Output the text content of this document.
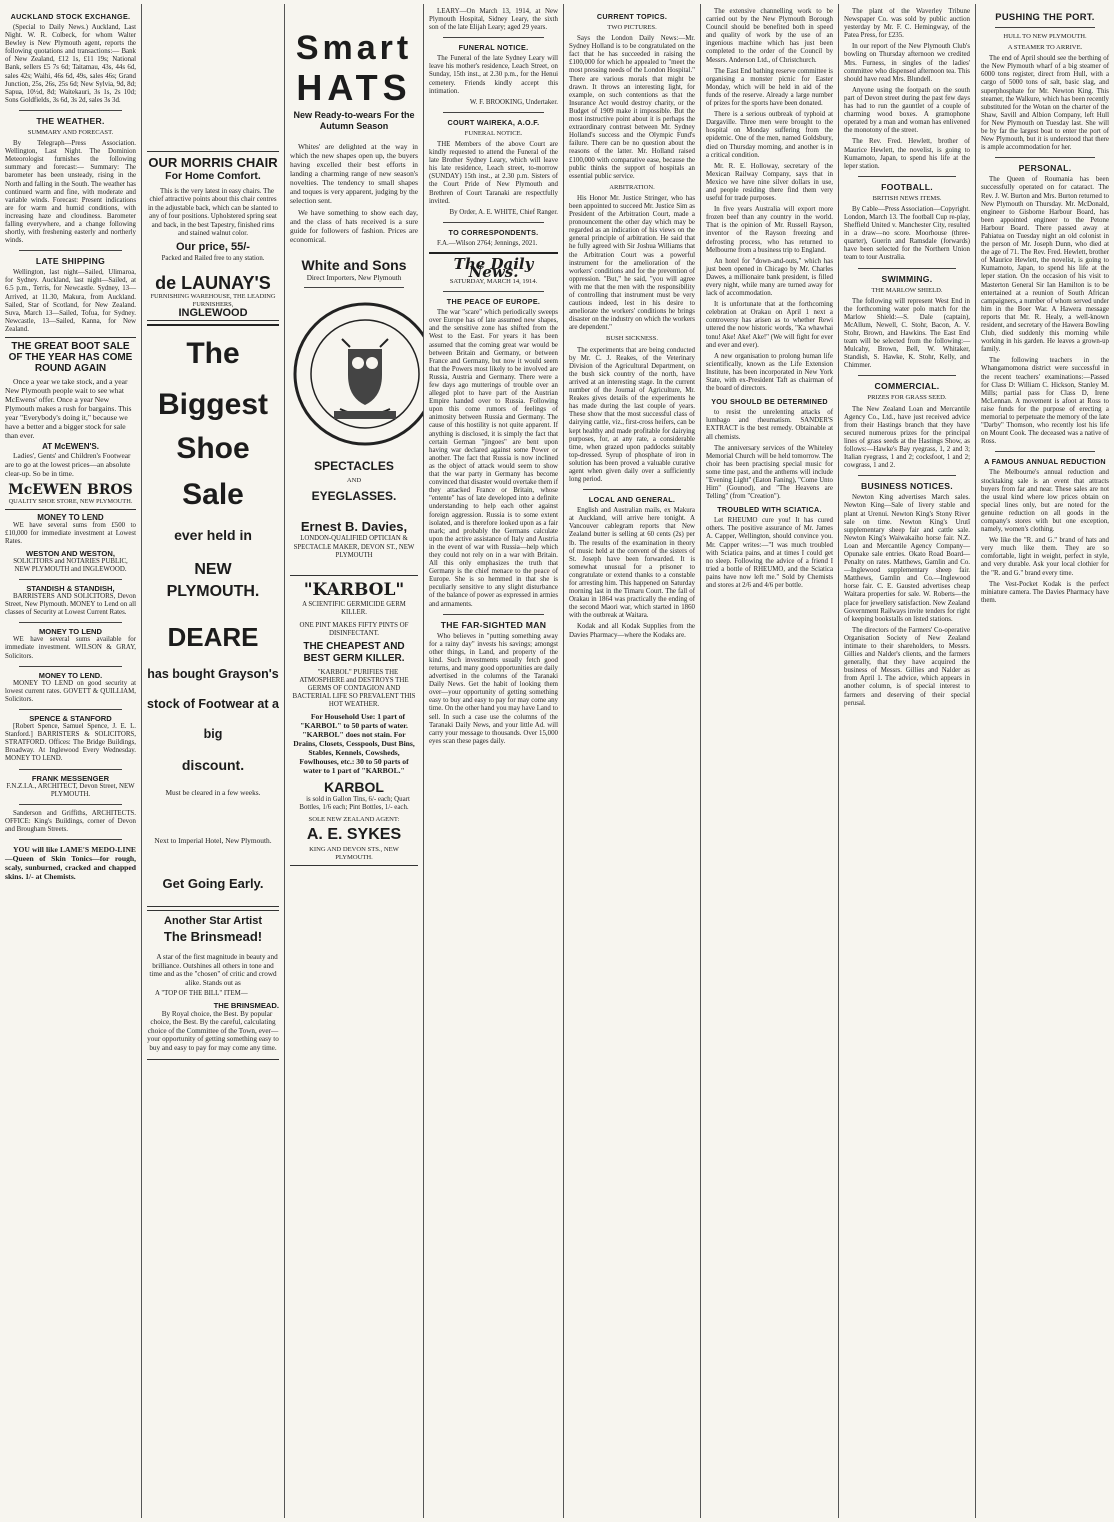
AUCKLAND STOCK EXCHANGE.

(Special to Daily News.) Auckland, Last Night. W. R. Colbeck, for whom Walter Bewley is New Plymouth agent, reports the following quotations and transactions:— Bank of New Zealand, £12 1s, £11 19s; National Bank, sellers £5 7s 6d; Taitamau, 43s, 44s 6d, sales 42s; Waihi, 46s 6d, 49s, sales 46s; Grand Junction, 25s, 26s, 25s 6d; New Sylvia, 9d, 8d; Sapua, 10½d, 8d; Waitekauri, 3s 1s, 2s 10d; Sons Goldfields, 3s 6d, 3s 2d, sales 3s 3d.

THE WEATHER.
SUMMARY AND FORECAST.

By Telegraph—Press Association. Wellington, Last Night. The Dominion Meteorologist furnishes the following summary and forecast:— Summary: The barometer has been unsteady, rising in the North and falling in the South. The weather has continued warm and fine, with moderate and variable winds. Forecast: Present indications are for warm and humid conditions, with increasing haze and cloudiness. Barometer falling everywhere, and a change following shortly, with freshening easterly and northerly winds.

LATE SHIPPING

Wellington, last night—Sailed, Ulimaroa, for Sydney. Auckland, last night—Sailed, at 6.5 p.m., Terris, for Newcastle. Sydney, 13—Arrived, at 11.30, Makura, from Auckland. Sailed, Star of Scotland, for New Zealand. Suva, March 13—Sailed, Tofua, for Sydney. Newcastle, 13—Sailed, Kanna, for New Zealand.

THE GREAT BOOT SALE OF THE YEAR HAS COME ROUND AGAIN

Once a year we take stock, and a year New Plymouth people wait to see what McEwens' offer. Once a year New Plymouth makes a rush for bargains. This year "Everybody's doing it," because we have a better and a bigger stock for sale than ever.

AT McEWEN'S.

Ladies', Gents' and Children's Footwear are to go at the lowest prices—an absolute clear-up. So be in time.

McEWEN BROS
QUALITY SHOE STORE, NEW PLYMOUTH.
MONEY TO LEND

WE have several sums from £500 to £10,000 for immediate investment at Lowest Rates.

WESTON AND WESTON,

SOLICITORS and NOTARIES PUBLIC, NEW PLYMOUTH and INGLEWOOD.

STANDISH & STANDISH,

BARRISTERS AND SOLICITORS, Devon Street, New Plymouth. MONEY to Lend on all classes of Security at Lowest Current Rates.

MONEY TO LEND

WE have several sums available for immediate investment. WILSON & GRAY, Solicitors.

MONEY TO LEND.

MONEY TO LEND on good security at lowest current rates. GOVETT & QUILLIAM, Solicitors.

SPENCE & STANFORD

[Robert Spence, Samuel Spence, J. E. L. Stanford.] BARRISTERS & SOLICITORS, STRATFORD. Offices: The Bridge Buildings, Broadway. At Inglewood Every Wednesday. MONEY TO LEND.

FRANK MESSENGER

F.N.Z.I.A., ARCHITECT, Devon Street, NEW PLYMOUTH.

Sanderson and Griffiths, ARCHITECTS. OFFICE: King's Buildings, corner of Devon and Brougham Streets.

YOU will like LAME'S MEDO-LINE—Queen of Skin Tonics—for rough, scaly, sunburned, cracked and chapped skins. 1/- at Chemists.

OUR MORRIS CHAIR
For Home Comfort.

This is the very latest in easy chairs. The chief attractive points about this chair centres in the adjustable back, which can be slanted to any of four positions. Upholstered spring seat and back, in the best Tapestry, finished rims and stained walnut color.

Our price, 55/-
Packed and Railed free to any station.
de LAUNAY'S
FURNISHING WAREHOUSE, THE LEADING FURNISHERS,
INGLEWOOD
The
Biggest
Shoe
Sale
ever held in
NEW PLYMOUTH.
DEARE
has bought Grayson's stock of Footwear at a big
discount.
Must be cleared in a few weeks.
Next to Imperial Hotel, New Plymouth.
Get Going Early.
Another Star Artist
The Brinsmead!

A star of the first magnitude in beauty and brilliance. Outshines all others in tone and time and as the "chosen" of critic and crowd alike. Stands out as

A "TOP OF THE BILL" ITEM—

THE BRINSMEAD.

By Royal choice, the Best. By popular choice, the Best. By the careful, calculating choice of the Committee of the Town, ever—your opportunity of getting something easy to buy and easy to pay for may come any time.

Smart
HATS
New Ready-to-wears For the Autumn Season

Whites' are delighted at the way in which the new shapes open up, the buyers having excelled their best efforts in landing a charming range of new season's novelties. The tendency to small shapes and toques is very apparent, judging by the selection sent.

We have something to show each day, and the class of hats received is a sure guide for followers of fashion. Prices are economical.

White and Sons
Direct Importers, New Plymouth
SPECTACLES
AND
EYEGLASSES.
Ernest B. Davies,
LONDON-QUALIFIED OPTICIAN & SPECTACLE MAKER, DEVON ST., NEW PLYMOUTH
"KARBOL"
A SCIENTIFIC GERMICIDE GERM KILLER.

ONE PINT MAKES FIFTY PINTS OF DISINFECTANT.

THE CHEAPEST AND BEST GERM KILLER.

"KARBOL" PURIFIES THE ATMOSPHERE and DESTROYS THE GERMS OF CONTAGION AND BACTERIAL LIFE SO PREVALENT THIS HOT WEATHER.

For Household Use: 1 part of "KARBOL" to 50 parts of water. "KARBOL" does not stain. For Drains, Closets, Cesspools, Dust Bins, Stables, Kennels, Cowsheds, Fowlhouses, etc.: 30 to 50 parts of water to 1 part of "KARBOL."

KARBOL

is sold in Gallon Tins, 6/- each; Quart Bottles, 1/6 each; Pint Bottles, 1/- each.

SOLE NEW ZEALAND AGENT:
A. E. SYKES
KING AND DEVON STS., NEW PLYMOUTH.

LEARY—On March 13, 1914, at New Plymouth Hospital, Sidney Leary, the sixth son of the late Elijah Leary; aged 29 years.

FUNERAL NOTICE.

The Funeral of the late Sydney Leary will leave his mother's residence, Leach Street, on Sunday, 15th inst., at 2.30 p.m., for the Henui cemetery. Friends kindly accept this intimation.

W. F. BROOKING, Undertaker.
COURT WAIREKA, A.O.F.
FUNERAL NOTICE.

THE Members of the above Court are kindly requested to attend the Funeral of the late Brother Sydney Leary, which will leave his late residence, Leach street, to-morrow (SUNDAY) 15th inst., at 2.30 p.m. Sisters of the Court Pride of New Plymouth and Brethren of Court Taranaki are respectfully invited.

By Order, A. E. WHITE, Chief Ranger.
TO CORRESPONDENTS.

F.A.—Wilson 2764; Jennings, 2021.

The Daily News.
SATURDAY, MARCH 14, 1914.
THE PEACE OF EUROPE.

The war "scare" which periodically sweeps over Europe has of late assumed new shapes, and the sensitive zone has shifted from the West to the East. For years it has been assumed that the coming great war would be between Britain and Germany, or between France and Germany, but now it would seem that the Powers most likely to be involved are Russia, Austria and Germany. There were a few days ago mutterings of trouble over an alleged plot to have part of the Austrian Empire handed over to Russia. Following upon this come rumors of feelings of animosity between Russia and Germany. The cause of this hostility is not quite apparent. If anything is disclosed, it is simply the fact that certain German "jingoes" are bent upon having war declared against some Power or another. The fact that Russia is now inclined as the object of attack would seem to show that the war party in Germany has become convinced that disaster would overtake them if they attacked France or Britain, whose "entente" has of late developed into a definite understanding to help each other against foreign aggression. Russia is to some extent isolated, and is therefore looked upon as a fair mark; and probably the Germans calculate upon the active assistance of Italy and Austria in the event of war with Russia—help which they could not rely on in a war with Britain. All this only emphasizes the truth that Germany is the chief menace to the peace of Europe. She is so hemmed in that she is peculiarly sensitive to any slight disturbance of the balance of power as expressed in armies and armaments.

THE FAR-SIGHTED MAN

Who believes in "putting something away for a rainy day" invests his savings; amongst other things, in Land, and property of the kind. Such investments usually fetch good returns, and many good opportunities are daily advertised in the columns of the Taranaki Daily News. Get the habit of looking them over—your opportunity of getting something easy to buy and easy to pay for may come any time. On the other hand you may have Land to sell. In such a case use the columns of the Taranaki Daily News, and your little Ad. will carry your message to thousands. Over 15,000 eyes scan these pages daily.

CURRENT TOPICS.
TWO PICTURES.

Says the London Daily News:—Mr. Sydney Holland is to be congratulated on the fact that he has succeeded in raising the £100,000 for which he appealed to "meet the most pressing needs of the London Hospital." There are various morals that might be drawn. It throws an interesting light, for example, on such contentions as that the Insurance Act would destroy charity, or the Budget of 1909 make it impossible. But the most instructive point about it is perhaps the extraordinary contrast between Mr. Sydney Holland's success and the Olympic Fund's failure. There can be no question about the reasons of the latter. Mr. Holland raised £100,000 with comparative ease, because the public thinks the support of hospitals an essential public service.

ARBITRATION.

His Honor Mr. Justice Stringer, who has been appointed to succeed Mr. Justice Sim as President of the Arbitration Court, made a pronouncement the other day which may be regarded as an indication of his views on the general principle of arbitration. He said that he fully agreed with Sir Joshua Williams that the Arbitration Court was a powerful instrument for the amelioration of the workers' conditions and for the prevention of oppression. "But," he said, "you will agree with me that the men with the responsibility of controlling that instrument must be very cautious indeed, lest in his desire to ameliorate the workers' conditions he brings disaster on the industry on which the workers are dependent."

BUSH SICKNESS.

The experiments that are being conducted by Mr. C. J. Reakes, of the Veterinary Division of the Agricultural Department, on the bush sick country of the north, have arrived at an interesting stage. In the current number of the Journal of Agriculture, Mr. Reakes gives details of the experiments he has made during the last couple of years. These show that the most successful class of dairying cattle, viz., first-cross heifers, can be kept healthy and made profitable for dairying purposes, for, at any rate, a considerable time, when grazed upon paddocks suitably top-dressed. Syrup of phosphate of iron in solution has been proved a valuable curative agent when given daily over a sufficiently long period.

LOCAL AND GENERAL.

English and Australian mails, ex Makura at Auckland, will arrive here tonight. A Vancouver cablegram reports that New Zealand butter is selling at 60 cents (2s) per lb. The results of the examination in theory of music held at the convent of the sisters of St. Joseph have been forwarded. It is somewhat unusual for a prisoner to congratulate or extend thanks to a constable for arresting him. This happened on Saturday morning last in the Timaru Court. The fall of Orakau in 1864 was practically the ending of the second Maori war, which started in 1860 with the outbreak at Waitara.

Kodak and all Kodak Supplies from the Davies Pharmacy—where the Kodaks are.

The extensive channelling work to be carried out by the New Plymouth Borough Council should be benefited both in speed and quality of work by the use of an ingenious machine which has just been completed to the order of the Council by Messrs. Anderson Ltd., of Christchurch.

The East End bathing reserve committee is organising a monster picnic for Easter Monday, which will be held in aid of the funds of the reserve. Already a large number of prizes for the sports have been donated.

There is a serious outbreak of typhoid at Dargaville. Three men were brought to the hospital on Monday suffering from the epidemic. One of the men, named Goldsbury, died on Thursday morning, and another is in a critical condition.

Mr. R. E. Holloway, secretary of the Mexican Railway Company, says that in Mexico we have nine silver dollars in use, and people residing there find them very useful for trade purposes.

In five years Australia will export more frozen beef than any country in the world. That is the opinion of Mr. Russell Rayson, inventor of the Rayson freezing and defrosting process, who has returned to Melbourne from a business trip to England.

An hotel for "down-and-outs," which has just been opened in Chicago by Mr. Charles Dawes, a millionaire bank president, is filled every night, while many are turned away for lack of accommodation.

It is unfortunate that at the forthcoming celebration at Orakau on April 1 next a controversy has arisen as to whether Rewi uttered the now historic words, "Ka whawhai tonu! Ake! Ake! Ake!" (We will fight for ever and ever and ever).

A new organisation to prolong human life scientifically, known as the Life Extension Institute, has been incorporated in New York State, with ex-President Taft as chairman of the board of directors.

YOU SHOULD BE DETERMINED

to resist the unrelenting attacks of lumbago and rheumatism. SANDER'S EXTRACT is the best remedy. Obtainable at all chemists.

The anniversary services of the Whiteley Memorial Church will be held tomorrow. The choir has been practising special music for some time past, and the anthems will include "Evening Light" (Eaton Faning), "Come Unto Him" (Gounod), and "The Heavens are Telling" (from "Creation").

TROUBLED WITH SCIATICA.

Let RHEUMO cure you! It has cured others. The positive assurance of Mr. James A. Capper, Wellington, should convince you. Mr. Capper writes:—"I was much troubled with Sciatica pains, and at times I could get no sleep. Following the advice of a friend I tried a bottle of RHEUMO, and the Sciatica pains have now left me." Sold by Chemists and stores at 2/6 and 4/6 per bottle.

The plant of the Waverley Tribune Newspaper Co. was sold by public auction yesterday by Mr. F. C. Hemingway, of the Patea Press, for £235.

In our report of the New Plymouth Club's bowling on Thursday afternoon we credited Mrs. Furness, in singles of the ladies' committee who dispensed afternoon tea. This should have read Mrs. Blundell.

Anyone using the footpath on the south part of Devon street during the past few days has had to run the gauntlet of a couple of charming wood boxes. A gramophone operated by a man and woman has enlivened the monotony of the street.

The Rev. Fred. Hewlett, brother of Maurice Hewlett, the novelist, is going to Kumamoto, Japan, to spend his life at the leper station.

FOOTBALL.
BRITISH NEWS ITEMS.

By Cable—Press Association—Copyright. London, March 13. The football Cup re-play, Sheffield United v. Manchester City, resulted in a draw—no score. Moorhouse (three-quarter), Guerin and Ramsdale (forwards) have been selected for the Northern Union team to tour Australia.

SWIMMING.
THE MARLOW SHIELD.

The following will represent West End in the forthcoming water polo match for the Marlow Shield:—S. Dale (captain), McAllum, Newell, C. Stohr, Bacon, A. V. Stohr, Brown, and Hawkins. The East End team will be selected from the following:—Mulcahy, Brown, Bell, W. Whitaker, Standish, S. Hawke, K. Stohr, Kelly, and Chimmer.

COMMERCIAL.
PRIZES FOR GRASS SEED.

The New Zealand Loan and Mercantile Agency Co., Ltd., have just received advice from their Hastings branch that they have secured numerous prizes for the principal lines of grass seeds at the Hastings Show, as follows:—Hawke's Bay ryegrass, 1, 2 and 3; Italian ryegrass, 1 and 2; cocksfoot, 1 and 2; cowgrass, 1 and 2.

BUSINESS NOTICES.

Newton King advertises March sales. Newton King—Sale of livery stable and plant at Urenui. Newton King's Stony River sale on time. Newton King's Urutī supplementary sheep fair and cattle sale. Newton King's Waiwakaiho horse fair. N.Z. Loan and Mercantile Agency Company—Opunake sale entries. Okato Road Board—Penalty on rates. Matthews, Gamlin and Co.—Inglewood supplementary sheep fair. Matthews, Gamlin and Co.—Inglewood horse fair. C. E. Gausted advertises cheap Waitara properties for sale. W. Roberts—the place for jewellery satisfaction. New Zealand Government Railways invite tenders for right of keeping bookstalls on listed stations.

The directors of the Farmers' Co-operative Organisation Society of New Zealand intimate to their shareholders, to Messrs. Gillies and Nalder's clients, and the farmers generally, that they have acquired the business of Messrs. Gillies and Nalder as from April 1. The advice, which appears in another column, is of special interest to farmers and deserving of their special perusal.

PUSHING THE PORT.
HULL TO NEW PLYMOUTH.
A STEAMER TO ARRIVE.

The end of April should see the berthing of the New Plymouth wharf of a big steamer of 6000 tons register, direct from Hull, with a cargo of 5000 tons of salt, basic slag, and superphosphate for Mr. Newton King. This steamer, the Walkure, which has been recently substituted for the Wotan on the charter of the Shaw, Savill and Albion Company, left Hull for New Plymouth on Tuesday last. She will be by far the largest boat to enter the port of New Plymouth, but it is understood that there is ample accommodation for her.

PERSONAL.

The Queen of Roumania has been successfully operated on for cataract. The Rev. J. W. Burton and Mrs. Burton returned to New Plymouth on Thursday. Mr. McDonald, engineer to Gisborne Harbour Board, has been appointed engineer to the Petone Harbour Board. There passed away at Pahiatua on Tuesday night an old colonist in the person of Mr. Joseph Dunn, who died at the age of 71. The Rev. Fred. Hewlett, brother of Maurice Hewlett, the novelist, is going to Kumamoto, Japan, to spend his life at the leper station. On the occasion of his visit to Masterton General Sir Ian Hamilton is to be entertained at a reunion of South African campaigners, a number of whom served under him in the Boer War. A Hawera message reports that Mr. R. Healy, a well-known resident, and secretary of the Hawera Bowling Club, died suddenly this morning while working in his garden. He leaves a grown-up family.

The following teachers in the Whangamomona district were successful in the recent teachers' examinations:—Passed for Class D: William C. Hickson, Stanley M. Mills; partial pass for Class D, Irene McLennan. A movement is afoot at Ross to raise funds for the purpose of erecting a memorial to perpetuate the memory of the late "Darby" Thomson, who recently lost his life on Mount Cook. The deceased was a native of Ross.

A FAMOUS ANNUAL REDUCTION

The Melbourne's annual reduction and stocktaking sale is an event that attracts buyers from far and near. These sales are not the usual kind where low prices obtain on special lines only, but are noted for the genuine reduction on all goods in the company's stores with but one exception, namely, women's clothing.

We like the "R. and G." brand of hats and very much like them. They are so comfortable, light in weight, perfect in style, and very durable. Ask your local clothier for the "R. and G." brand every time.

The Vest-Pocket Kodak is the perfect miniature camera. The Davies Pharmacy have them.
